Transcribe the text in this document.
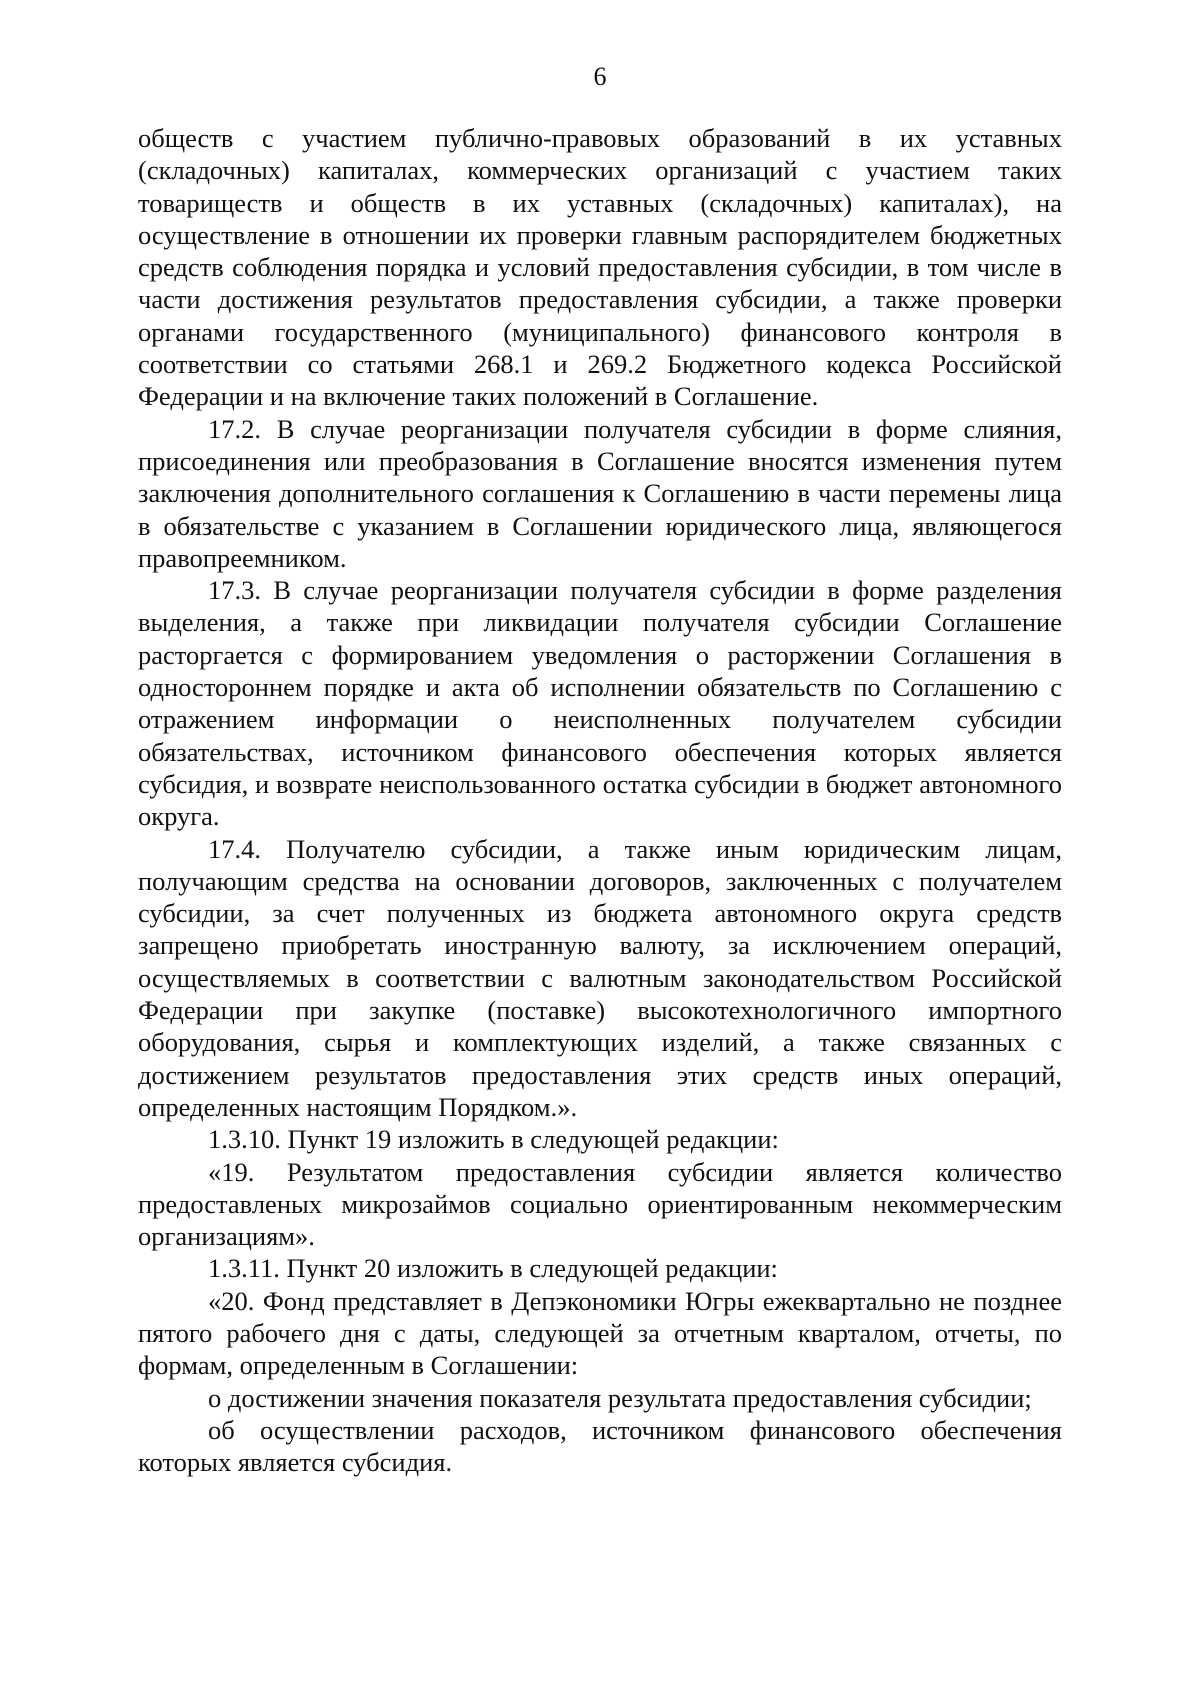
6

обществ с участием публично-правовых образований в их уставных (складочных) капиталах, коммерческих организаций с участием таких товариществ и обществ в их уставных (складочных) капиталах), на осуществление в отношении их проверки главным распорядителем бюджетных средств соблюдения порядка и условий предоставления субсидии, в том числе в части достижения результатов предоставления субсидии, а также проверки органами государственного (муниципального) финансового контроля в соответствии со статьями 268.1 и 269.2 Бюджетного кодекса Российской Федерации и на включение таких положений в Соглашение.

17.2. В случае реорганизации получателя субсидии в форме слияния, присоединения или преобразования в Соглашение вносятся изменения путем заключения дополнительного соглашения к Соглашению в части перемены лица в обязательстве с указанием в Соглашении юридического лица, являющегося правопреемником.

17.3. В случае реорганизации получателя субсидии в форме разделения выделения, а также при ликвидации получателя субсидии Соглашение расторгается с формированием уведомления о расторжении Соглашения в одностороннем порядке и акта об исполнении обязательств по Соглашению с отражением информации о неисполненных получателем субсидии обязательствах, источником финансового обеспечения которых является субсидия, и возврате неиспользованного остатка субсидии в бюджет автономного округа.

17.4. Получателю субсидии, а также иным юридическим лицам, получающим средства на основании договоров, заключенных с получателем субсидии, за счет полученных из бюджета автономного округа средств запрещено приобретать иностранную валюту, за исключением операций, осуществляемых в соответствии с валютным законодательством Российской Федерации при закупке (поставке) высокотехнологичного импортного оборудования, сырья и комплектующих изделий, а также связанных с достижением результатов предоставления этих средств иных операций, определенных настоящим Порядком.».

1.3.10. Пункт 19 изложить в следующей редакции:

«19. Результатом предоставления субсидии является количество предоставленых микрозаймов социально ориентированным некоммерческим организациям».

1.3.11. Пункт 20 изложить в следующей редакции:

«20. Фонд представляет в Депэкономики Югры ежеквартально не позднее пятого рабочего дня с даты, следующей за отчетным кварталом, отчеты, по формам, определенным в Соглашении:

о достижении значения показателя результата предоставления субсидии;

об осуществлении расходов, источником финансового обеспечения которых является субсидия.
